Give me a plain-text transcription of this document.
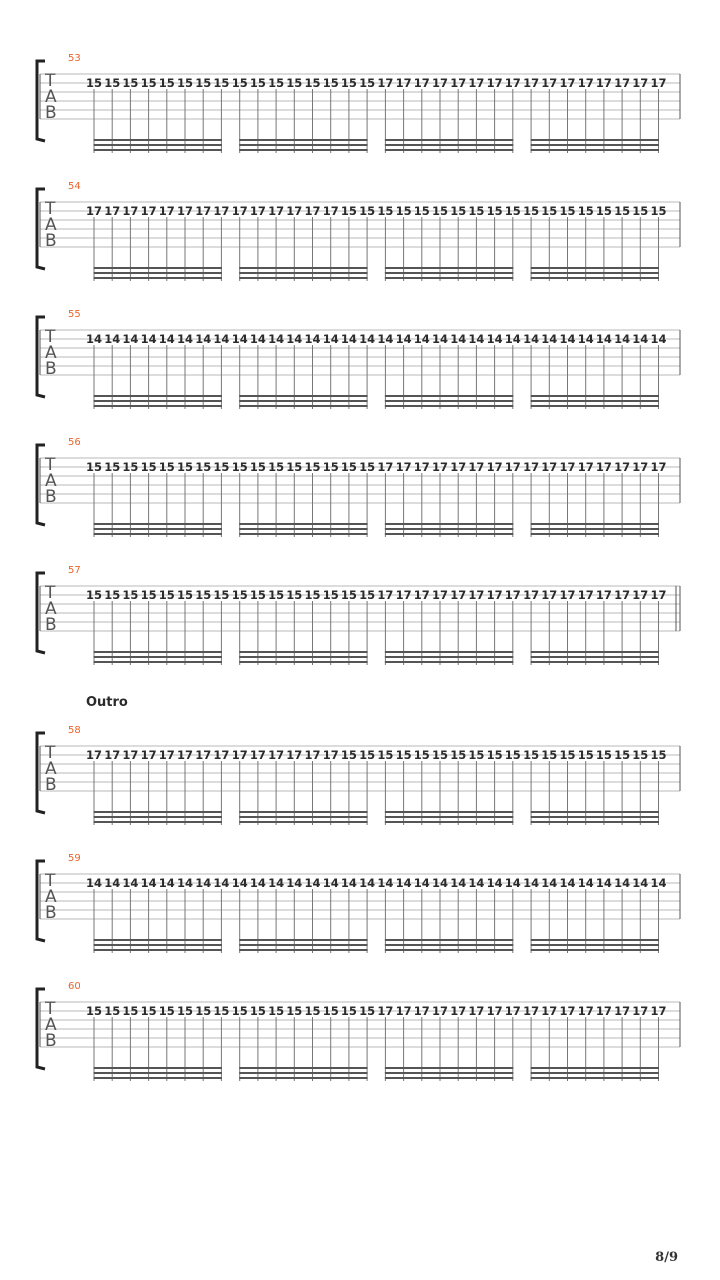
T
A
B
53
15 15 15 15 15 15 15 15 15 15 15 15 15 15 15 15 17 17 17 17 17 17 17 17 17 17 17 17 17 17 17 17
T
A
B
54
17 17 17 17 17 17 17 17 17 17 17 17 17 17 15 15 15 15 15 15 15 15 15 15 15 15 15 15 15 15 15 15
T
A
B
55
14 14 14 14 14 14 14 14 14 14 14 14 14 14 14 14 14 14 14 14 14 14 14 14 14 14 14 14 14 14 14 14
T
A
B
56
15 15 15 15 15 15 15 15 15 15 15 15 15 15 15 15 17 17 17 17 17 17 17 17 17 17 17 17 17 17 17 17
T
A
B
57
15 15 15 15 15 15 15 15 15 15 15 15 15 15 15 15 17 17 17 17 17 17 17 17 17 17 17 17 17 17 17 17
T
A
B
58
17 17 17 17 17 17 17 17 17 17 17 17 17 17 15 15 15 15 15 15 15 15 15 15 15 15 15 15 15 15 15 15
T
A
B
59
14 14 14 14 14 14 14 14 14 14 14 14 14 14 14 14 14 14 14 14 14 14 14 14 14 14 14 14 14 14 14 14
T
A
B
60
15 15 15 15 15 15 15 15 15 15 15 15 15 15 15 15 17 17 17 17 17 17 17 17 17 17 17 17 17 17 17 17
Outro
8/9
